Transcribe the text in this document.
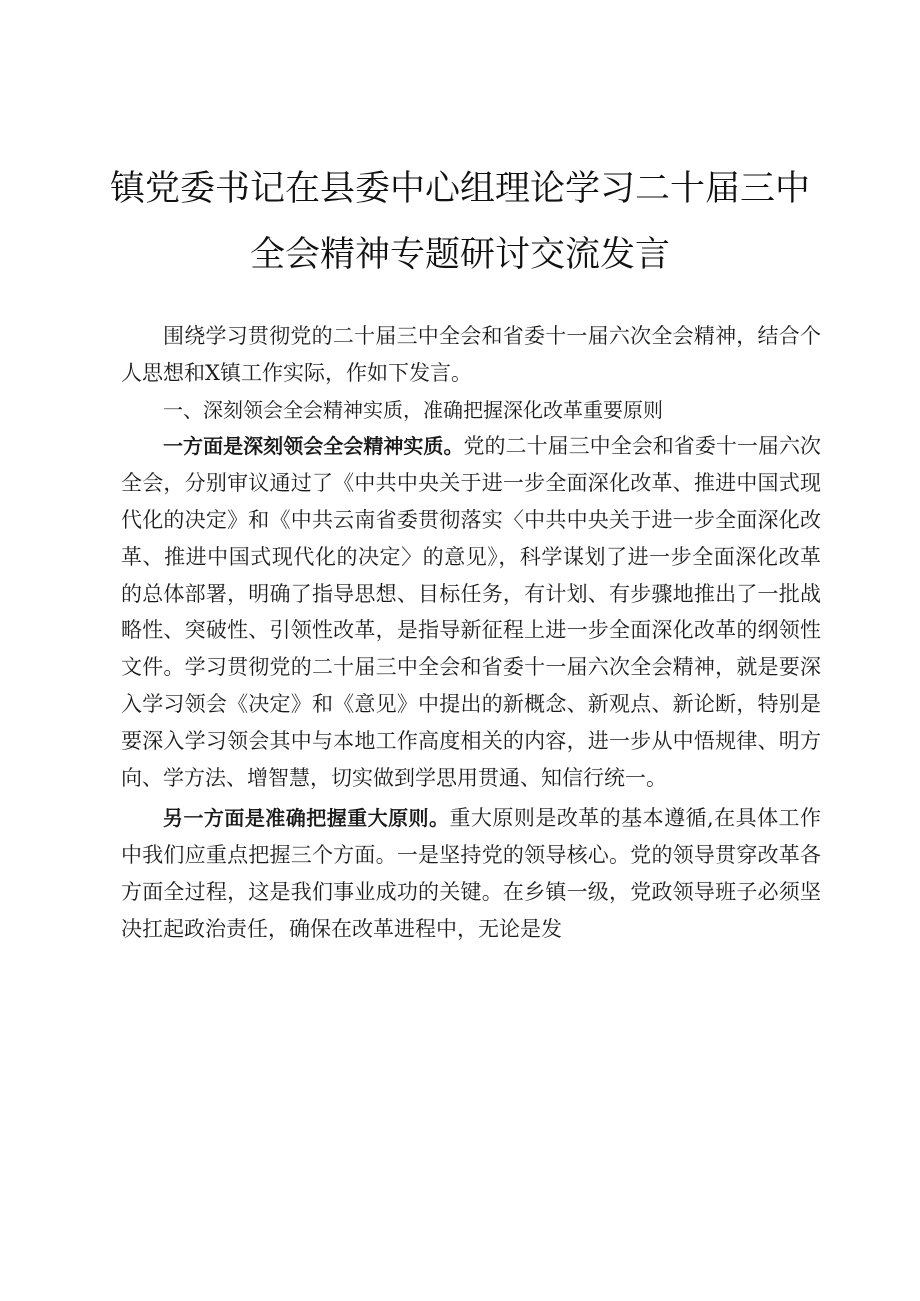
镇党委书记在县委中心组理论学习二十届三中
全会精神专题研讨交流发言

围绕学习贯彻党的二十届三中全会和省委十一届六次全会精神，结合个人思想和X镇工作实际，作如下发言。

一、深刻领会全会精神实质，准确把握深化改革重要原则

一方面是深刻领会全会精神实质。党的二十届三中全会和省委十一届六次全会，分别审议通过了《中共中央关于进一步全面深化改革、推进中国式现代化的决定》和《中共云南省委贯彻落实〈中共中央关于进一步全面深化改革、推进中国式现代化的决定〉的意见》，科学谋划了进一步全面深化改革的总体部署，明确了指导思想、目标任务，有计划、有步骤地推出了一批战略性、突破性、引领性改革，是指导新征程上进一步全面深化改革的纲领性文件。学习贯彻党的二十届三中全会和省委十一届六次全会精神，就是要深入学习领会《决定》和《意见》中提出的新概念、新观点、新论断，特别是要深入学习领会其中与本地工作高度相关的内容，进一步从中悟规律、明方向、学方法、增智慧，切实做到学思用贯通、知信行统一。

另一方面是准确把握重大原则。重大原则是改革的基本遵循,在具体工作中我们应重点把握三个方面。一是坚持党的领导核心。党的领导贯穿改革各方面全过程，这是我们事业成功的关键。在乡镇一级，党政领导班子必须坚决扛起政治责任，确保在改革进程中，无论是发
